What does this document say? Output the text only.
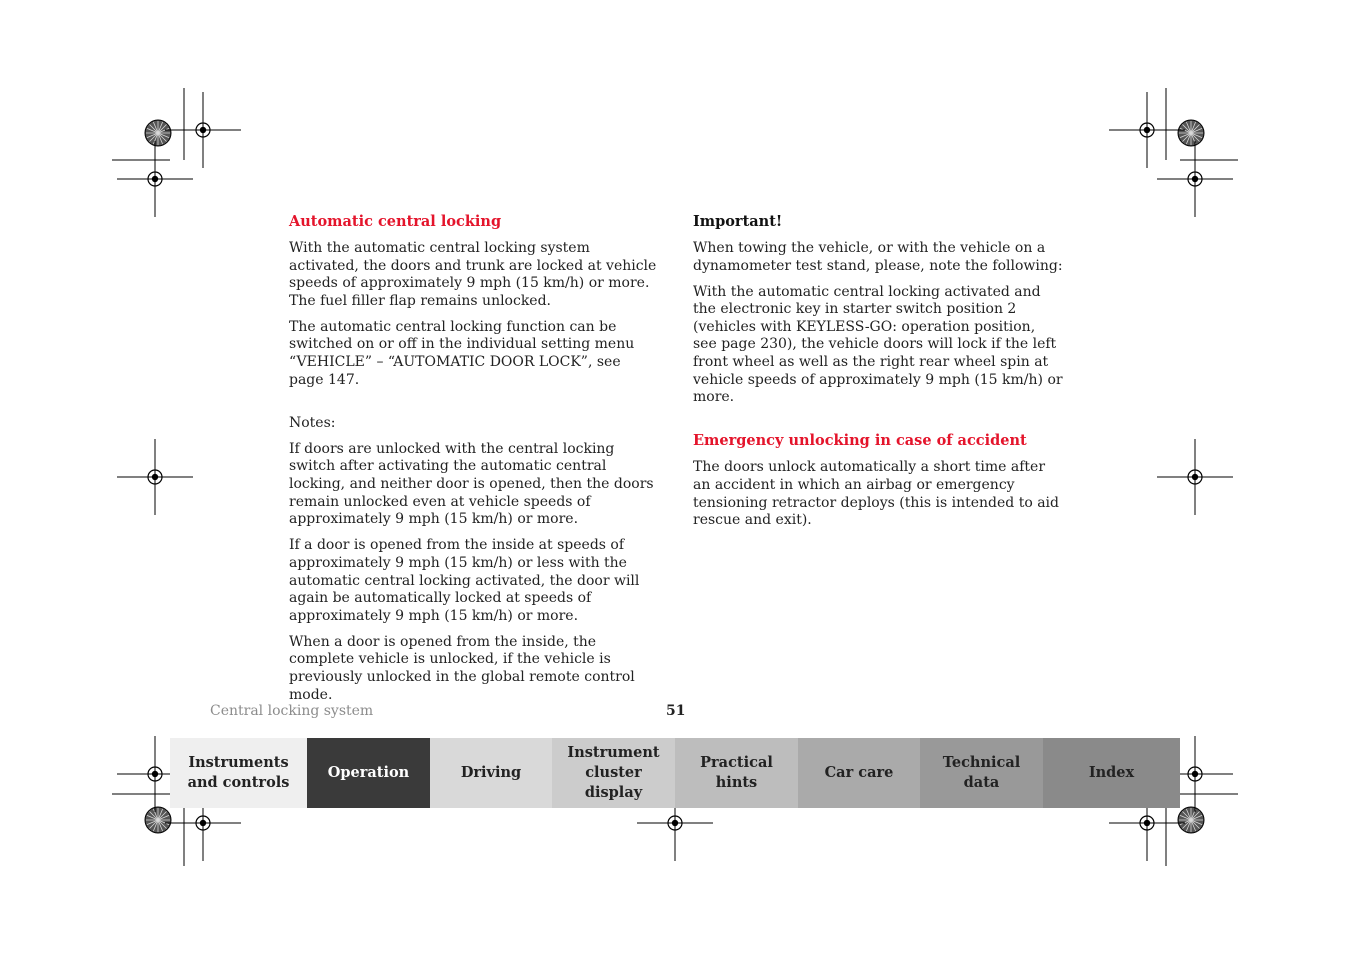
Automatic central locking

With the automatic central locking system activated, the doors and trunk are locked at vehicle speeds of approximately 9 mph (15 km/h) or more. The fuel filler flap remains unlocked.

The automatic central locking function can be switched on or off in the individual setting menu “VEHICLE” – “AUTOMATIC DOOR LOCK”, see page 147.

Notes:

If doors are unlocked with the central locking switch after activating the automatic central locking, and neither door is opened, then the doors remain unlocked even at vehicle speeds of approximately 9 mph (15 km/h) or more.

If a door is opened from the inside at speeds of approximately 9 mph (15 km/h) or less with the automatic central locking activated, the door will again be automatically locked at speeds of approximately 9 mph (15 km/h) or more.

When a door is opened from the inside, the complete vehicle is unlocked, if the vehicle is previously unlocked in the global remote control mode.

Important!

When towing the vehicle, or with the vehicle on a dynamometer test stand, please, note the following:

With the automatic central locking activated and the electronic key in starter switch position 2 (vehicles with KEYLESS-GO: operation position, see page 230), the vehicle doors will lock if the left front wheel as well as the right rear wheel spin at vehicle speeds of approximately 9 mph (15 km/h) or more.

Emergency unlocking in case of accident

The doors unlock automatically a short time after an accident in which an airbag or emergency tensioning retractor deploys (this is intended to aid rescue and exit).

Central locking system	51
Instruments
and controls
Operation	Driving
Instrument
cluster display
Practical hints
Car care
Technical
data
Index
